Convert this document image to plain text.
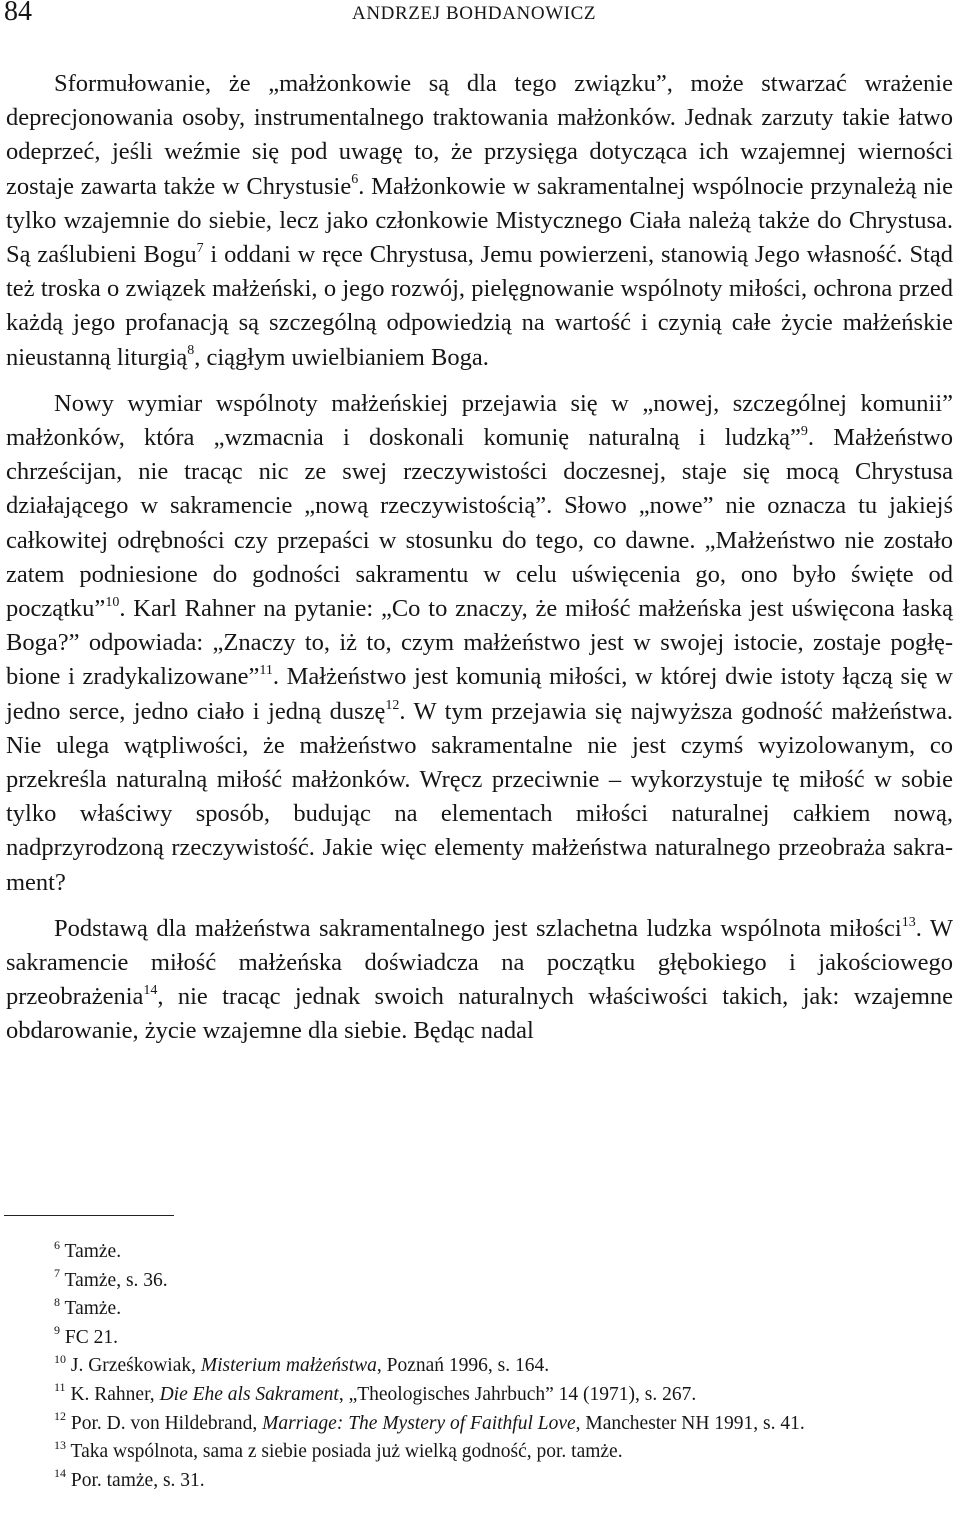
84	ANDRZEJ BOHDANOWICZ

Sformułowanie, że „małżonkowie są dla tego związku”, może stwarzać wrażenie deprecjonowania osoby, instrumentalnego traktowania małżonków. Jednak zarzuty takie łatwo odeprzeć, jeśli weźmie się pod uwagę to, że przysięga dotycząca ich wzajemnej wierności zostaje zawarta także w Chrystusie$^6$. Małżonkowie w sakramentalnej wspólnocie przynależą nie tylko wzajemnie do siebie, lecz jako członkowie Mistycznego Ciała należą także do Chrystusa. Są zaślubieni Bogu$^7$ i oddani w ręce Chrystusa, Jemu powierzeni, stanowią Jego własność. Stąd też troska o związek małżeński, o jego rozwój, pielęgnowanie wspólnoty miłości, ochrona przed każdą jego profanacją są szczególną odpowiedzią na wartość i czynią całe życie małżeńskie nieustanną liturgią$^8$, ciągłym uwielbianiem Boga.

Nowy wymiar wspólnoty małżeńskiej przejawia się w „nowej, szczególnej komunii” małżonków, która „wzmacnia i doskonali komunię naturalną i ludzką”$^9$. Małżeństwo chrześcijan, nie tracąc nic ze swej rzeczywistości doczesnej, staje się mocą Chrystusa działającego w sakramencie „nową rzeczywistością”. Słowo „nowe” nie oznacza tu jakiejś całkowitej odrębności czy przepaści w stosunku do tego, co dawne. „Małżeństwo nie zostało zatem podniesione do godności sakramentu w celu uświęcenia go, ono było święte od początku”$^{10}$. Karl Rahner na pytanie: „Co to znaczy, że miłość małżeńska jest uświęcona łaską Boga?” odpowiada: „Znaczy to, iż to, czym małżeństwo jest w swojej istocie, zostaje pogłębione i zradykalizowane”$^{11}$. Małżeństwo jest komunią miłości, w której dwie istoty łączą się w jedno serce, jedno ciało i jedną duszę$^{12}$. W tym przejawia się najwyższa godność małżeństwa. Nie ulega wątpliwości, że małżeństwo sakramentalne nie jest czymś wyizolowanym, co przekreśla naturalną miłość małżonków. Wręcz przeciwnie – wykorzystuje tę miłość w sobie tylko właściwy sposób, budując na elementach miłości naturalnej całkiem nową, nadprzyrodzoną rzeczywistość. Jakie więc elementy małżeństwa naturalnego przeobraża sakrament?

Podstawą dla małżeństwa sakramentalnego jest szlachetna ludzka wspólnota miłości$^{13}$. W sakramencie miłość małżeńska doświadcza na początku głębokiego i jakościowego przeobrażenia$^{14}$, nie tracąc jednak swoich naturalnych właściwości takich, jak: wzajemne obdarowanie, życie wzajemne dla siebie. Będąc nadal

$^6$ Tamże.

$^7$ Tamże, s. 36.

$^8$ Tamże.

$^9$ FC 21.

$^{10}$ J. Grześkowiak, Misterium małżeństwa, Poznań 1996, s. 164.

$^{11}$ K. Rahner, Die Ehe als Sakrament, „Theologisches Jahrbuch” 14 (1971), s. 267.

$^{12}$ Por. D. von Hildebrand, Marriage: The Mystery of Faithful Love, Manchester NH 1991, s. 41.

$^{13}$ Taka wspólnota, sama z siebie posiada już wielką godność, por. tamże.

$^{14}$ Por. tamże, s. 31.
